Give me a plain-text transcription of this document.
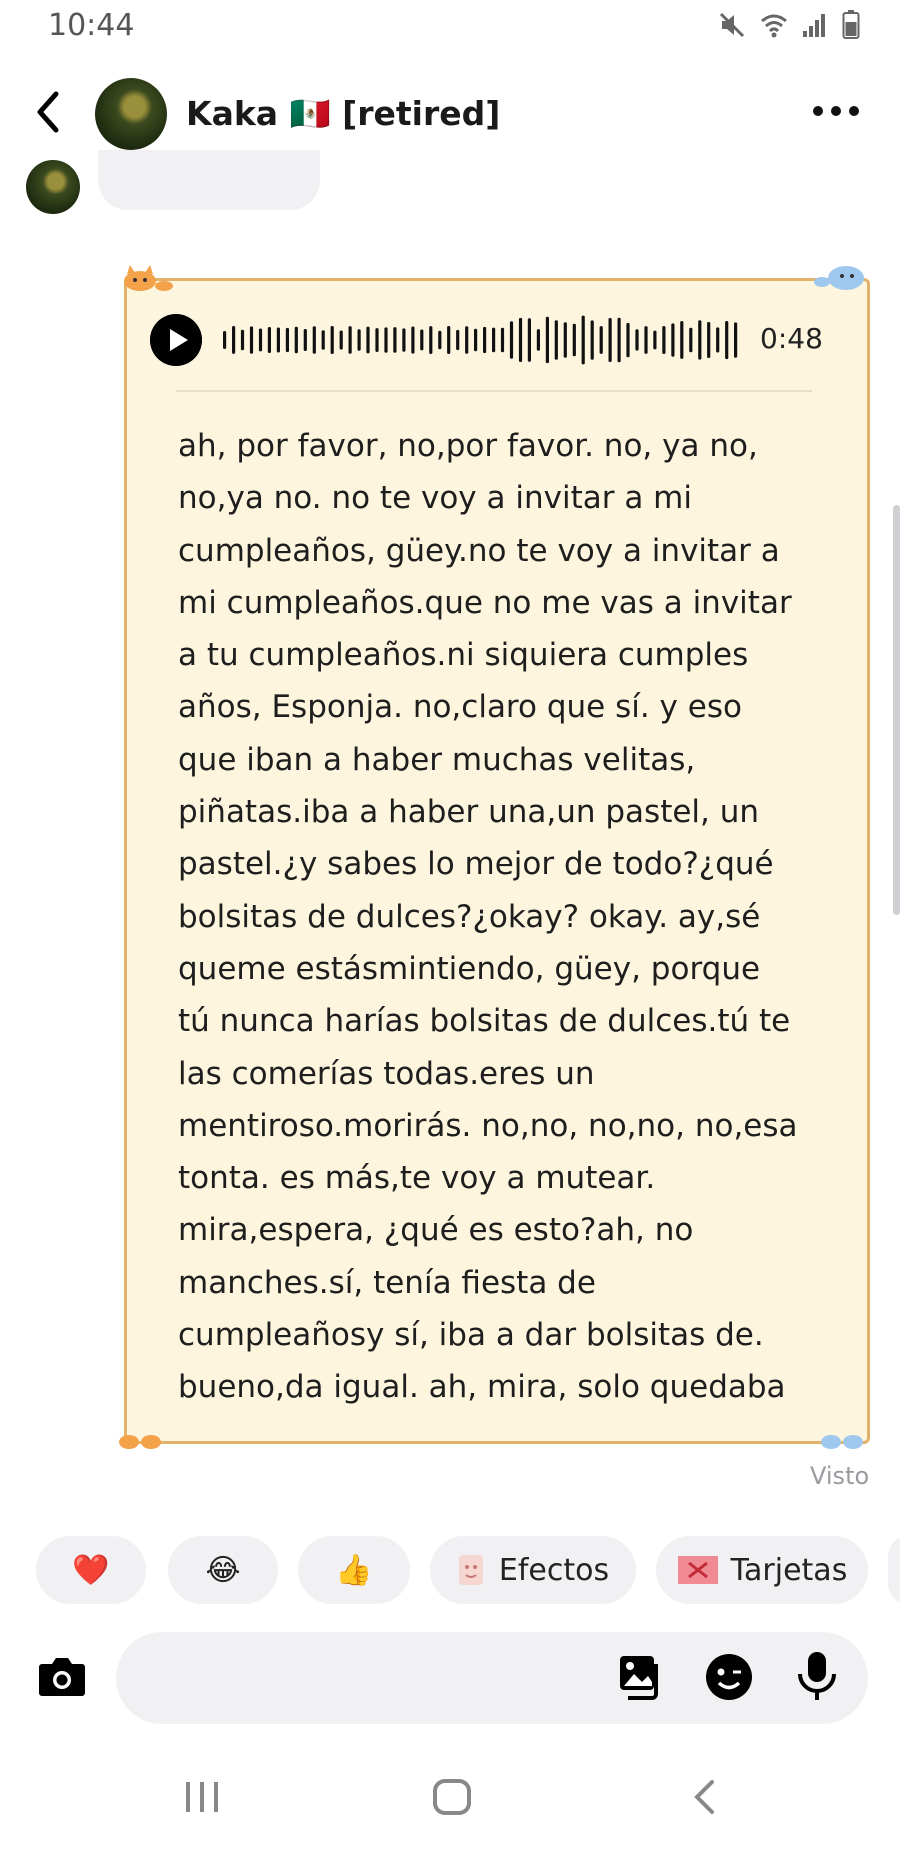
10:44
Kaka 🇲🇽 [retired]
0:48
ah, por favor, no,por favor. no, ya no,
no,ya no. no te voy a invitar a mi
cumpleaños, güey.no te voy a invitar a
mi cumpleaños.que no me vas a invitar
a tu cumpleaños.ni siquiera cumples
años, Esponja. no,claro que sí. y eso
que iban a haber muchas velitas,
piñatas.iba a haber una,un pastel, un
pastel.¿y sabes lo mejor de todo?¿qué
bolsitas de dulces?¿okay? okay. ay,sé
queme estásmintiendo, güey, porque
tú nunca harías bolsitas de dulces.tú te
las comerías todas.eres un
mentiroso.morirás. no,no, no,no, no,esa
tonta. es más,te voy a mutear.
mira,espera, ¿qué es esto?ah, no
manches.sí, tenía fiesta de
cumpleañosy sí, iba a dar bolsitas de.
bueno,da igual. ah, mira, solo quedaba
Visto
❤️	😂	👍	Efectos	Tarjetas
